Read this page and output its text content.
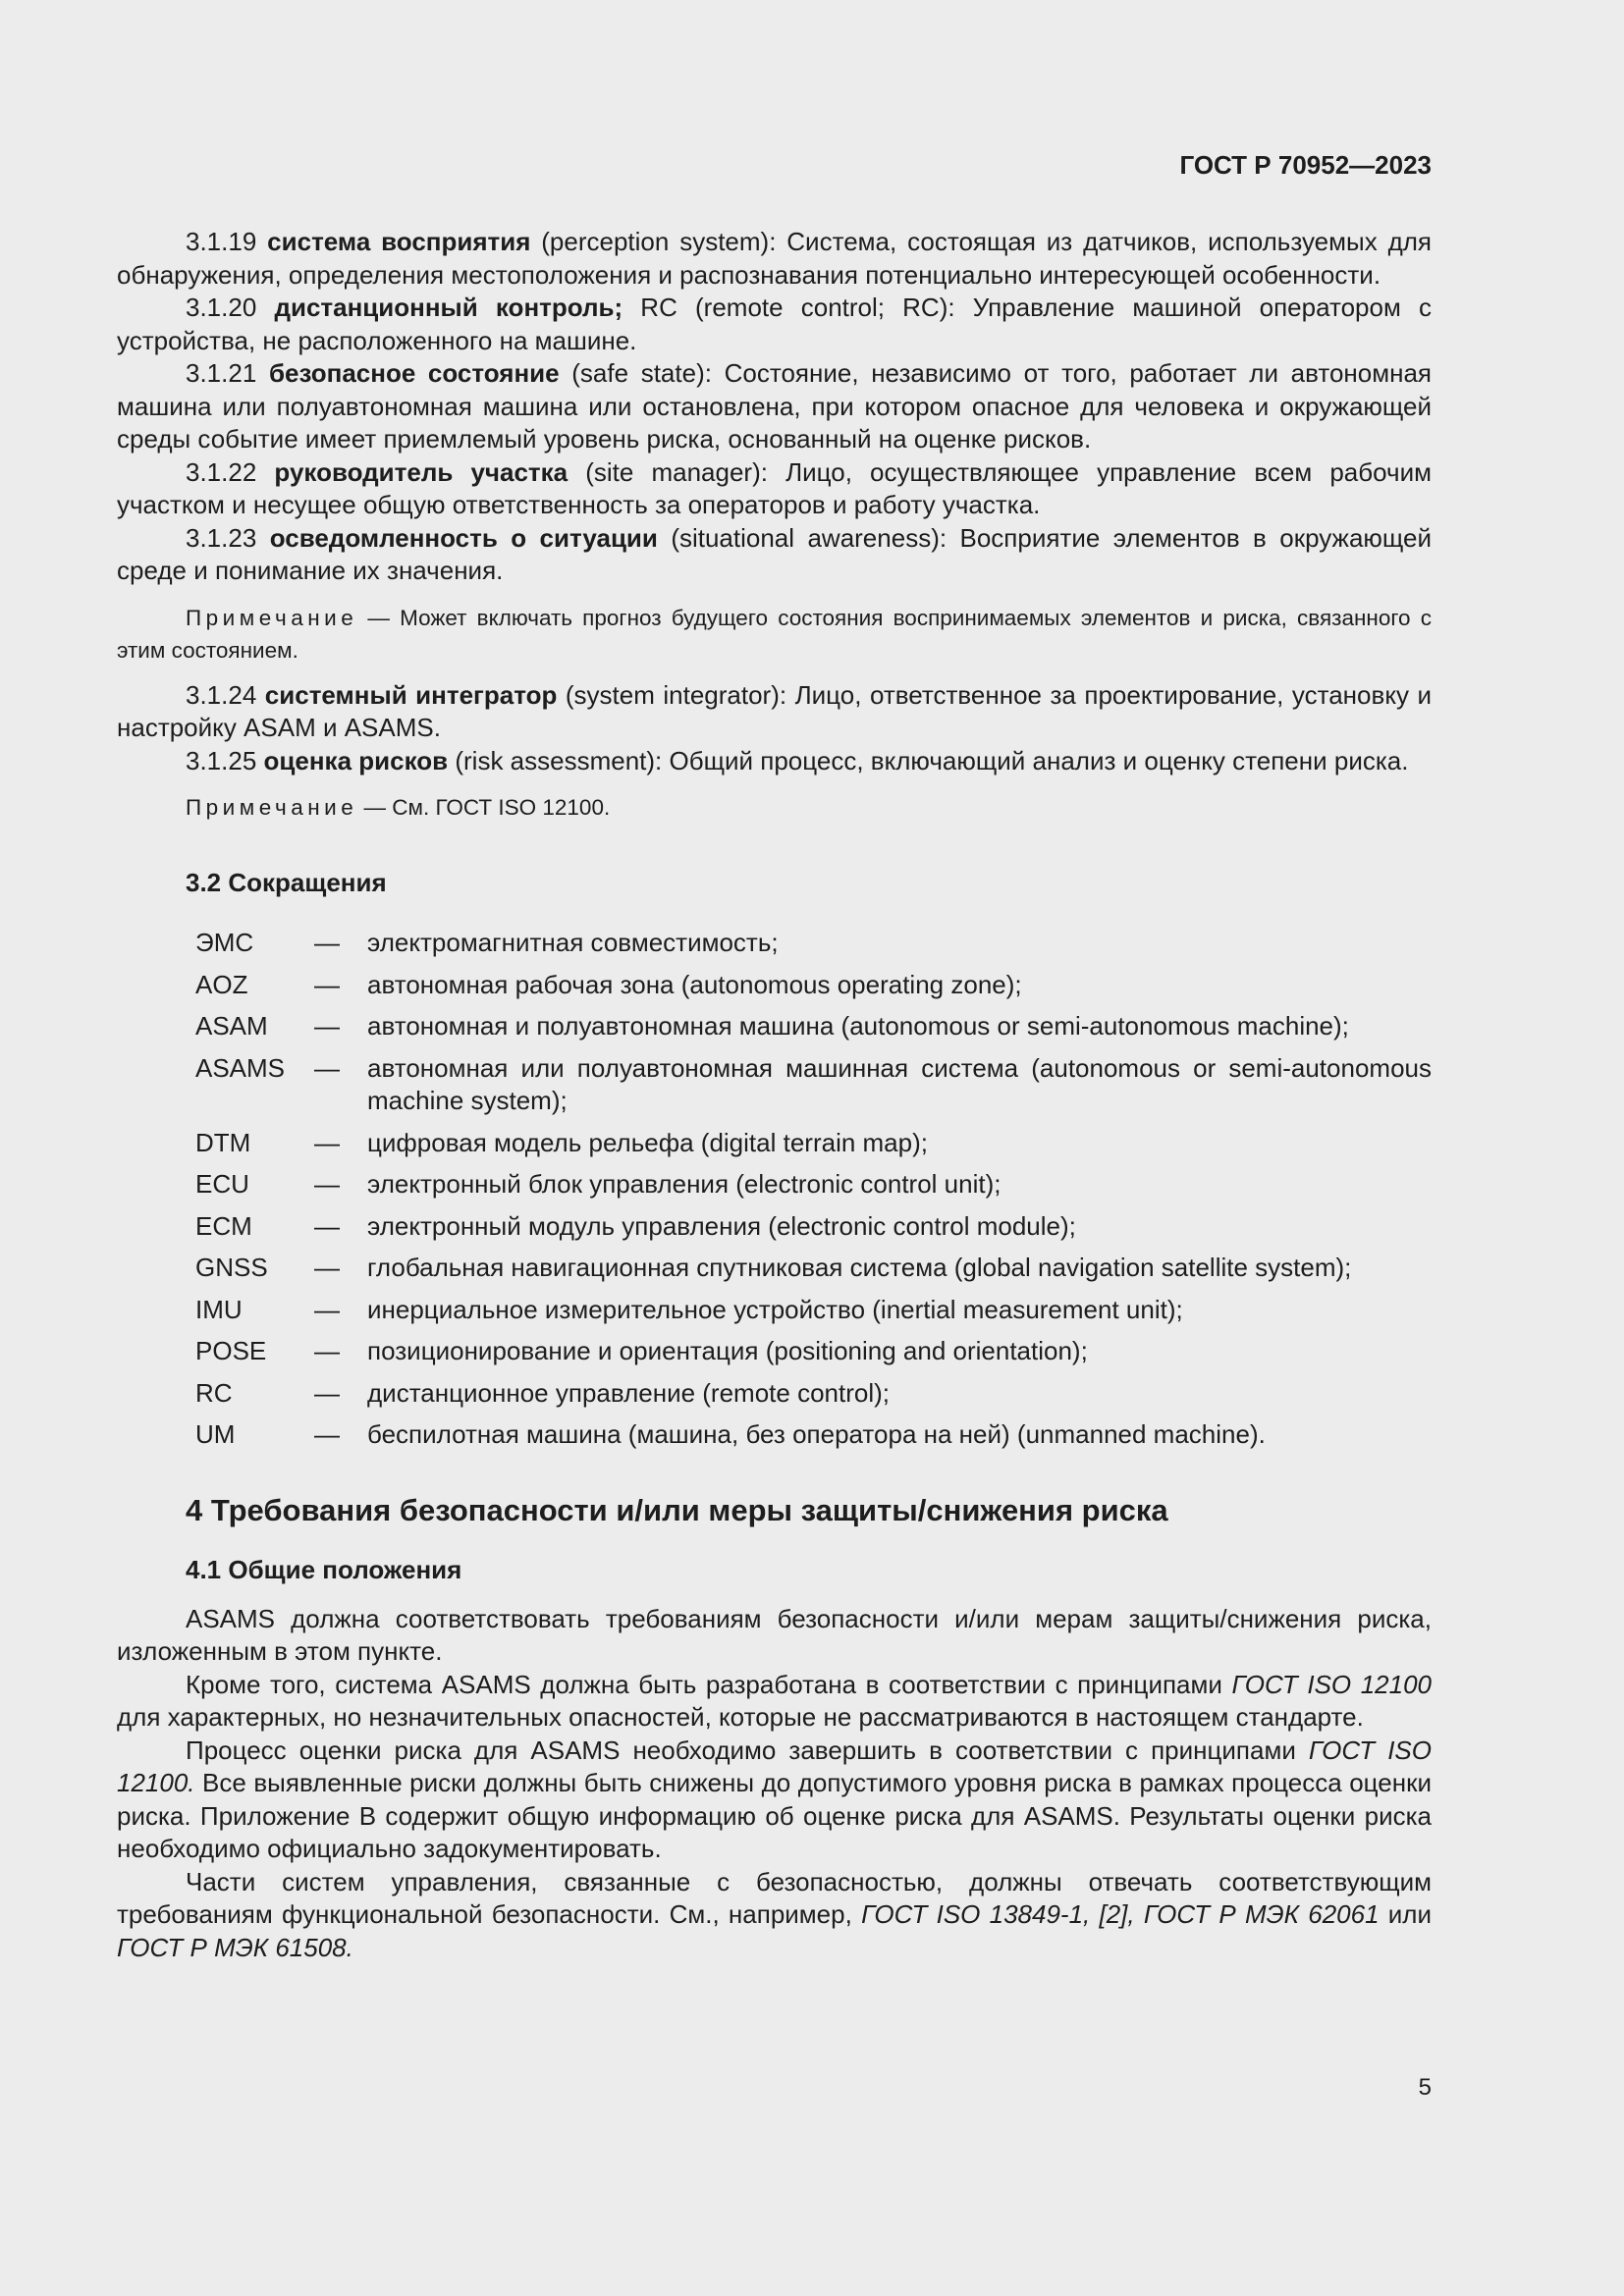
ГОСТ Р 70952—2023

3.1.19 система восприятия (perception system): Система, состоящая из датчиков, используемых для обнаружения, определения местоположения и распознавания потенциально интересующей особенности.

3.1.20 дистанционный контроль; RC (remote control; RC): Управление машиной оператором с устройства, не расположенного на машине.

3.1.21 безопасное состояние (safe state): Состояние, независимо от того, работает ли автономная машина или полуавтономная машина или остановлена, при котором опасное для человека и окружающей среды событие имеет приемлемый уровень риска, основанный на оценке рисков.

3.1.22 руководитель участка (site manager): Лицо, осуществляющее управление всем рабочим участком и несущее общую ответственность за операторов и работу участка.

3.1.23 осведомленность о ситуации (situational awareness): Восприятие элементов в окружающей среде и понимание их значения.

Примечание — Может включать прогноз будущего состояния воспринимаемых элементов и риска, связанного с этим состоянием.

3.1.24 системный интегратор (system integrator): Лицо, ответственное за проектирование, установку и настройку ASAM и ASAMS.

3.1.25 оценка рисков (risk assessment): Общий процесс, включающий анализ и оценку степени риска.

Примечание — См. ГОСТ ISO 12100.

3.2 Сокращения
ЭМС	—	электромагнитная совместимость;
AOZ	—	автономная рабочая зона (autonomous operating zone);
ASAM	—	автономная и полуавтономная машина (autonomous or semi-autonomous machine);
ASAMS	—	автономная или полуавтономная машинная система (autonomous or semi-autonomous machine system);
DTM	—	цифровая модель рельефа (digital terrain map);
ECU	—	электронный блок управления (electronic control unit);
ECM	—	электронный модуль управления (electronic control module);
GNSS	—	глобальная навигационная спутниковая система (global navigation satellite system);
IMU	—	инерциальное измерительное устройство (inertial measurement unit);
POSE	—	позиционирование и ориентация (positioning and orientation);
RC	—	дистанционное управление (remote control);
UM	—	беспилотная машина (машина, без оператора на ней) (unmanned machine).
4 Требования безопасности и/или меры защиты/снижения риска
4.1 Общие положения

ASAMS должна соответствовать требованиям безопасности и/или мерам защиты/снижения риска, изложенным в этом пункте.

Кроме того, система ASAMS должна быть разработана в соответствии с принципами ГОСТ ISO 12100 для характерных, но незначительных опасностей, которые не рассматриваются в настоящем стандарте.

Процесс оценки риска для ASAMS необходимо завершить в соответствии с принципами ГОСТ ISO 12100. Все выявленные риски должны быть снижены до допустимого уровня риска в рамках процесса оценки риска. Приложение В содержит общую информацию об оценке риска для ASAMS. Результаты оценки риска необходимо официально задокументировать.

Части систем управления, связанные с безопасностью, должны отвечать соответствующим требованиям функциональной безопасности. См., например, ГОСТ ISO 13849-1, [2], ГОСТ Р МЭК 62061 или ГОСТ Р МЭК 61508.

5
